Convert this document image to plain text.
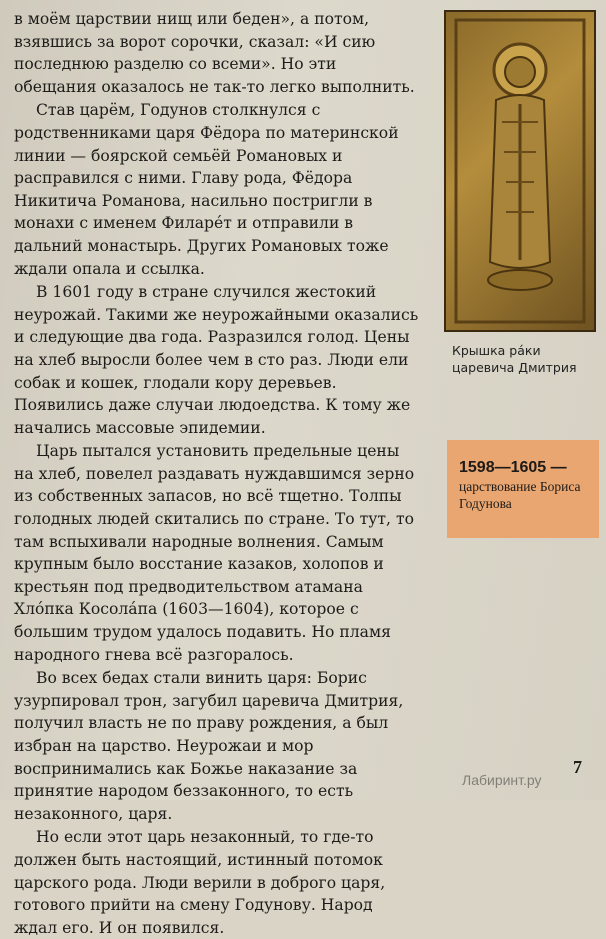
в моём царствии нищ или беден», а потом, взявшись за ворот сорочки, сказал: «И сию последнюю разделю со всеми». Но эти обещания оказалось не так-то легко выполнить.

Став царём, Годунов столкнулся с родственниками царя Фёдора по материнской линии — боярской семьёй Романовых и расправился с ними. Главу рода, Фёдора Никитича Романова, насильно постригли в монахи с именем Филарéт и отправили в дальний монастырь. Других Романовых тоже ждали опала и ссылка.

В 1601 году в стране случился жестокий неурожай. Такими же неурожайными оказались и следующие два года. Разразился голод. Цены на хлеб выросли более чем в сто раз. Люди ели собак и кошек, глодали кору деревьев. Появились даже случаи людоедства. К тому же начались массовые эпидемии.

Царь пытался установить предельные цены на хлеб, повелел раздавать нуждавшимся зерно из собственных запасов, но всё тщетно. Толпы голодных людей скитались по стране. То тут, то там вспыхивали народные волнения. Самым крупным было восстание казаков, холопов и крестьян под предводительством атамана Хлóпка Косолáпа (1603—1604), которое с большим трудом удалось подавить. Но пламя народного гнева всё разгоралось.

Во всех бедах стали винить царя: Борис узурпировал трон, загубил царевича Дмитрия, получил власть не по праву рождения, а был избран на царство. Неурожаи и мор воспринимались как Божье наказание за принятие народом беззаконного, то есть незаконного, царя.

Но если этот царь незаконный, то где-то должен быть настоящий, истинный потомок царского рода. Люди верили в доброго царя, готового прийти на смену Годунову. Народ ждал его. И он появился.

Крышка рáки царевича Дмитрия
1598—1605 —
царствование Бориса Годунова
7
Лабиринт.ру
